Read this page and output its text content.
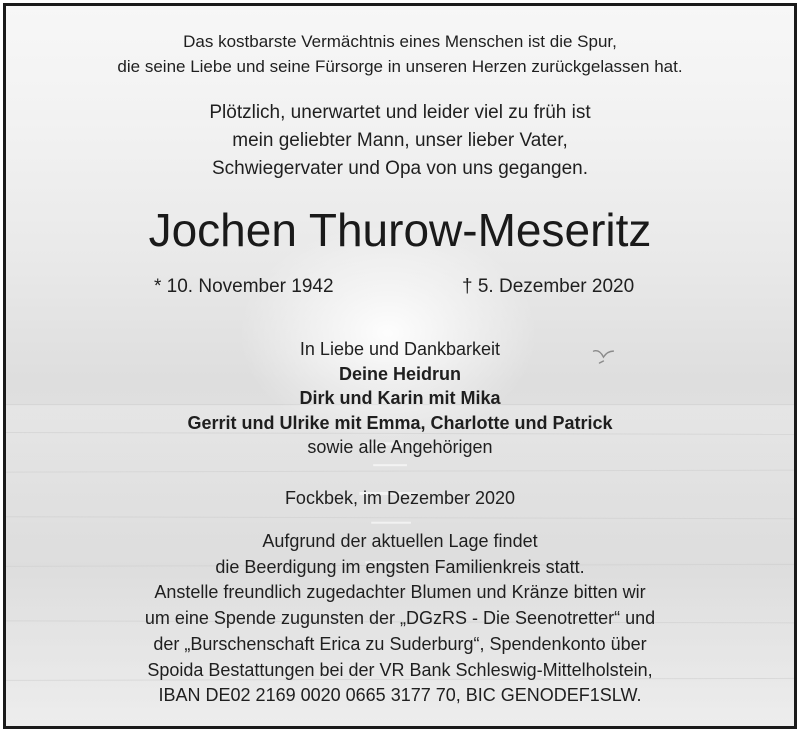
Das kostbarste Vermächtnis eines Menschen ist die Spur,
die seine Liebe und seine Fürsorge in unseren Herzen zurückgelassen hat.
Plötzlich, unerwartet und leider viel zu früh ist
mein geliebter Mann, unser lieber Vater,
Schwiegervater und Opa von uns gegangen.
Jochen Thurow-Meseritz
* 10. November 1942	† 5. Dezember 2020
In Liebe und Dankbarkeit
Deine Heidrun
Dirk und Karin mit Mika
Gerrit und Ulrike mit Emma, Charlotte und Patrick
sowie alle Angehörigen
Fockbek, im Dezember 2020
Aufgrund der aktuellen Lage findet
die Beerdigung im engsten Familienkreis statt.
Anstelle freundlich zugedachter Blumen und Kränze bitten wir
um eine Spende zugunsten der „DGzRS - Die Seenotretter“ und
der „Burschenschaft Erica zu Suderburg“, Spendenkonto über
Spoida Bestattungen bei der VR Bank Schleswig-Mittelholstein,
IBAN DE02 2169 0020 0665 3177 70, BIC GENODEF1SLW.
